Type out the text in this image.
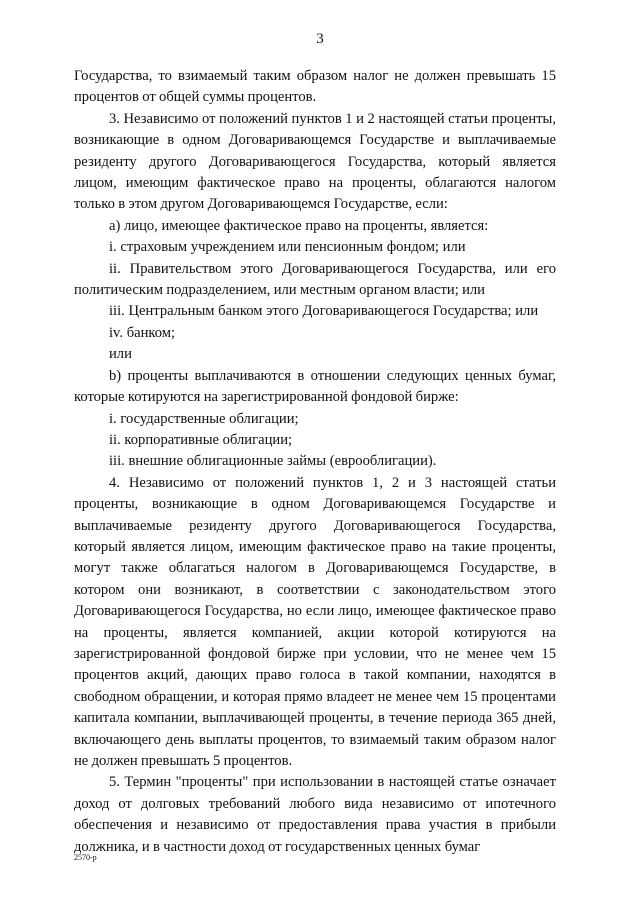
3

Государства, то взимаемый таким образом налог не должен превышать 15 процентов от общей суммы процентов.

3. Независимо от положений пунктов 1 и 2 настоящей статьи проценты, возникающие в одном Договаривающемся Государстве и выплачиваемые резиденту другого Договаривающегося Государства, который является лицом, имеющим фактическое право на проценты, облагаются налогом только в этом другом Договаривающемся Государстве, если:

a) лицо, имеющее фактическое право на проценты, является:

i. страховым учреждением или пенсионным фондом; или

ii. Правительством этого Договаривающегося Государства, или его политическим подразделением, или местным органом власти; или

iii. Центральным банком этого Договаривающегося Государства; или

iv. банком;

или

b) проценты выплачиваются в отношении следующих ценных бумаг, которые котируются на зарегистрированной фондовой бирже:

i. государственные облигации;

ii. корпоративные облигации;

iii. внешние облигационные займы (еврооблигации).

4. Независимо от положений пунктов 1, 2 и 3 настоящей статьи проценты, возникающие в одном Договаривающемся Государстве и выплачиваемые резиденту другого Договаривающегося Государства, который является лицом, имеющим фактическое право на такие проценты, могут также облагаться налогом в Договаривающемся Государстве, в котором они возникают, в соответствии с законодательством этого Договаривающегося Государства, но если лицо, имеющее фактическое право на проценты, является компанией, акции которой котируются на зарегистрированной фондовой бирже при условии, что не менее чем 15 процентов акций, дающих право голоса в такой компании, находятся в свободном обращении, и которая прямо владеет не менее чем 15 процентами капитала компании, выплачивающей проценты, в течение периода 365 дней, включающего день выплаты процентов, то взимаемый таким образом налог не должен превышать 5 процентов.

5. Термин "проценты" при использовании в настоящей статье означает доход от долговых требований любого вида независимо от ипотечного обеспечения и независимо от предоставления права участия в прибыли должника, и в частности доход от государственных ценных бумаг

2570-р
